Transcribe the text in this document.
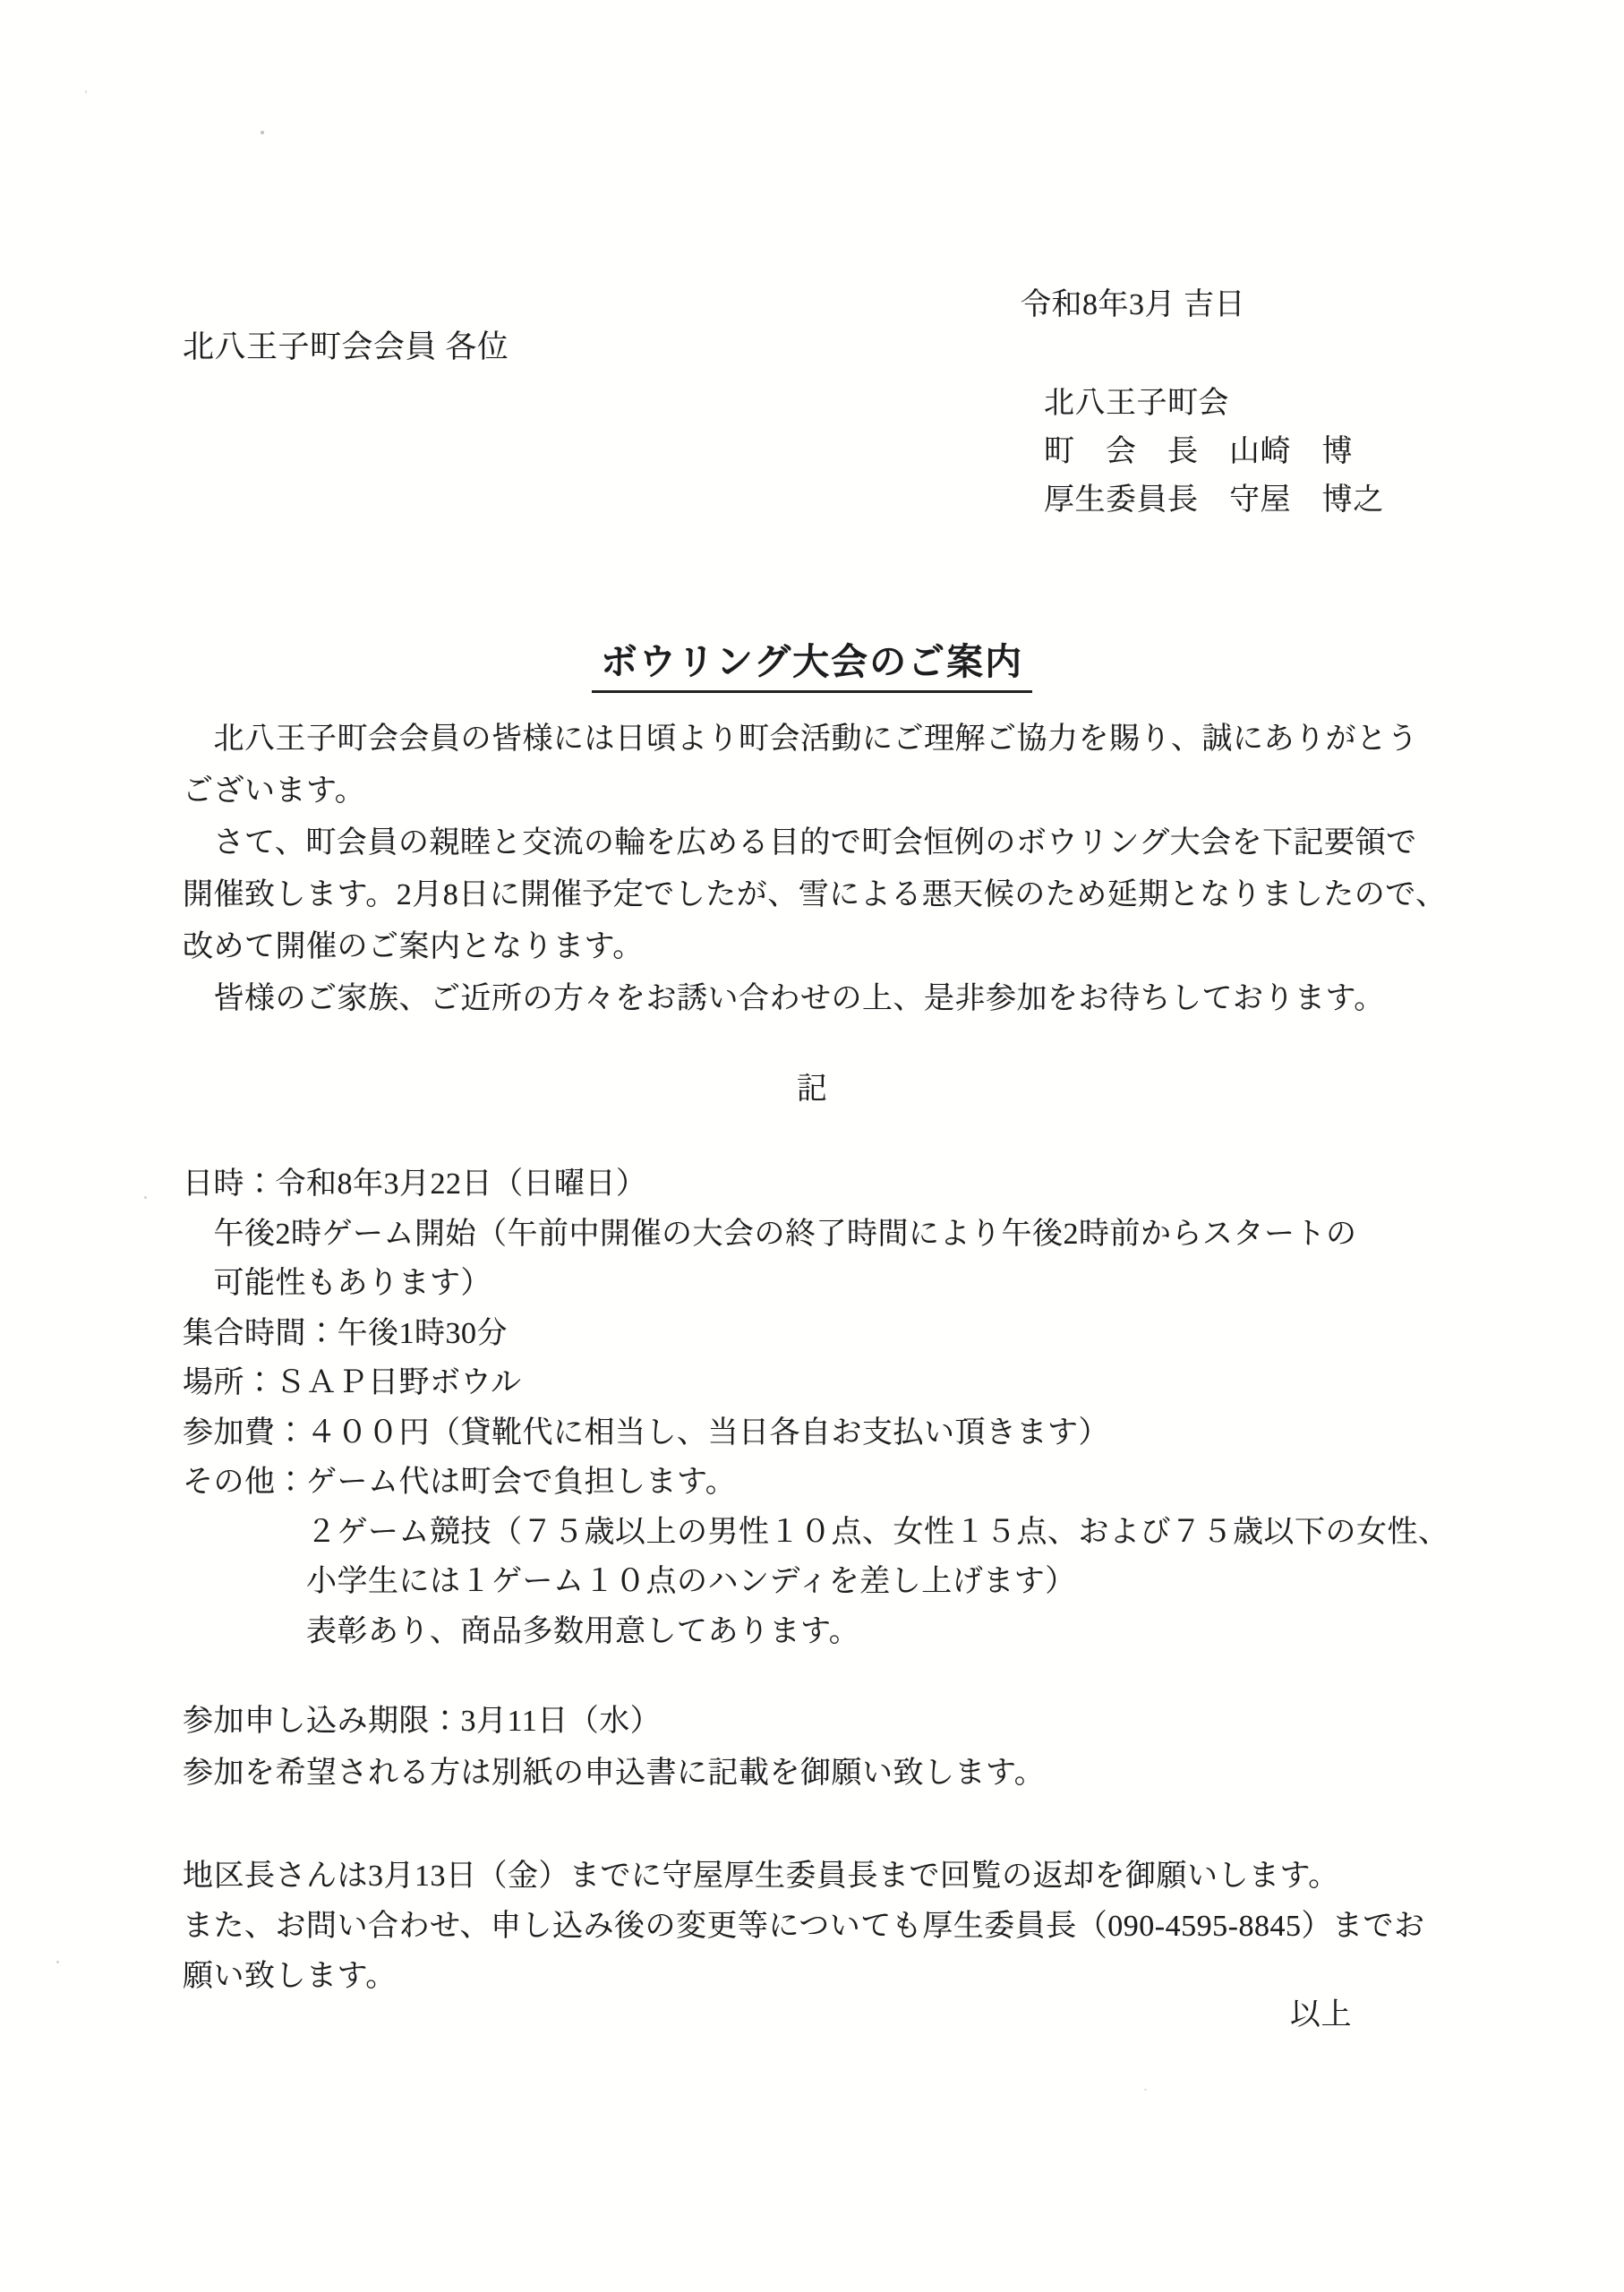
令和8年3月 吉日
北八王子町会会員 各位
北八王子町会
町　会　長　山崎　博
厚生委員長　守屋　博之
ボウリング大会のご案内
　北八王子町会会員の皆様には日頃より町会活動にご理解ご協力を賜り、誠にありがとう
ございます。
　さて、町会員の親睦と交流の輪を広める目的で町会恒例のボウリング大会を下記要領で
開催致します。2月8日に開催予定でしたが、雪による悪天候のため延期となりましたので、
改めて開催のご案内となります。
　皆様のご家族、ご近所の方々をお誘い合わせの上、是非参加をお待ちしております。
記
日時：令和8年3月22日（日曜日）
　午後2時ゲーム開始（午前中開催の大会の終了時間により午後2時前からスタートの
　可能性もあります）
集合時間：午後1時30分
場所：ＳＡＰ日野ボウル
参加費：４００円（貸靴代に相当し、当日各自お支払い頂きます）
その他：ゲーム代は町会で負担します。
　　　　２ゲーム競技（７５歳以上の男性１０点、女性１５点、および７５歳以下の女性、
　　　　小学生には１ゲーム１０点のハンディを差し上げます）
　　　　表彰あり、商品多数用意してあります。
参加申し込み期限：3月11日（水）
参加を希望される方は別紙の申込書に記載を御願い致します。
地区長さんは3月13日（金）までに守屋厚生委員長まで回覧の返却を御願いします。
また、お問い合わせ、申し込み後の変更等についても厚生委員長（090-4595-8845）までお
願い致します。
以上
